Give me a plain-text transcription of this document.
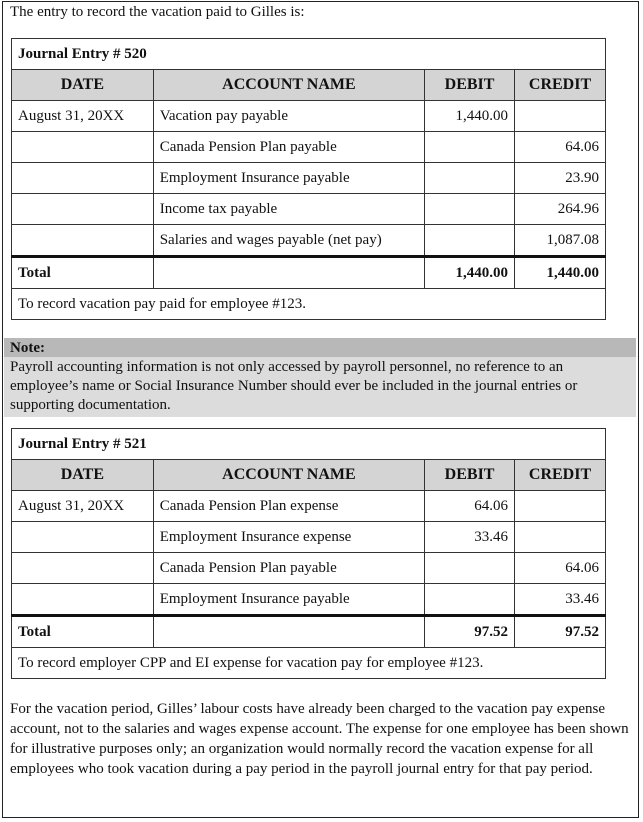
The entry to record the vacation paid to Gilles is:
Journal Entry # 520			
DATE	ACCOUNT NAME	DEBIT	CREDIT
August 31, 20XX	Vacation pay payable	1,440.00	
	Canada Pension Plan payable		64.06
	Employment Insurance payable		23.90
	Income tax payable		264.96
	Salaries and wages payable (net pay)		1,087.08
Total		1,440.00	1,440.00
To record vacation pay paid for employee #123.			
Note:
Payroll accounting information is not only accessed by payroll personnel, no reference to an employee’s name or Social Insurance Number should ever be included in the journal entries or supporting documentation.
Journal Entry # 521			
DATE	ACCOUNT NAME	DEBIT	CREDIT
August 31, 20XX	Canada Pension Plan expense	64.06	
	Employment Insurance expense	33.46	
	Canada Pension Plan payable		64.06
	Employment Insurance payable		33.46
Total		97.52	97.52
To record employer CPP and EI expense for vacation pay for employee #123.			
For the vacation period, Gilles’ labour costs have already been charged to the vacation pay expense account, not to the salaries and wages expense account. The expense for one employee has been shown for illustrative purposes only; an organization would normally record the vacation expense for all employees who took vacation during a pay period in the payroll journal entry for that pay period.
